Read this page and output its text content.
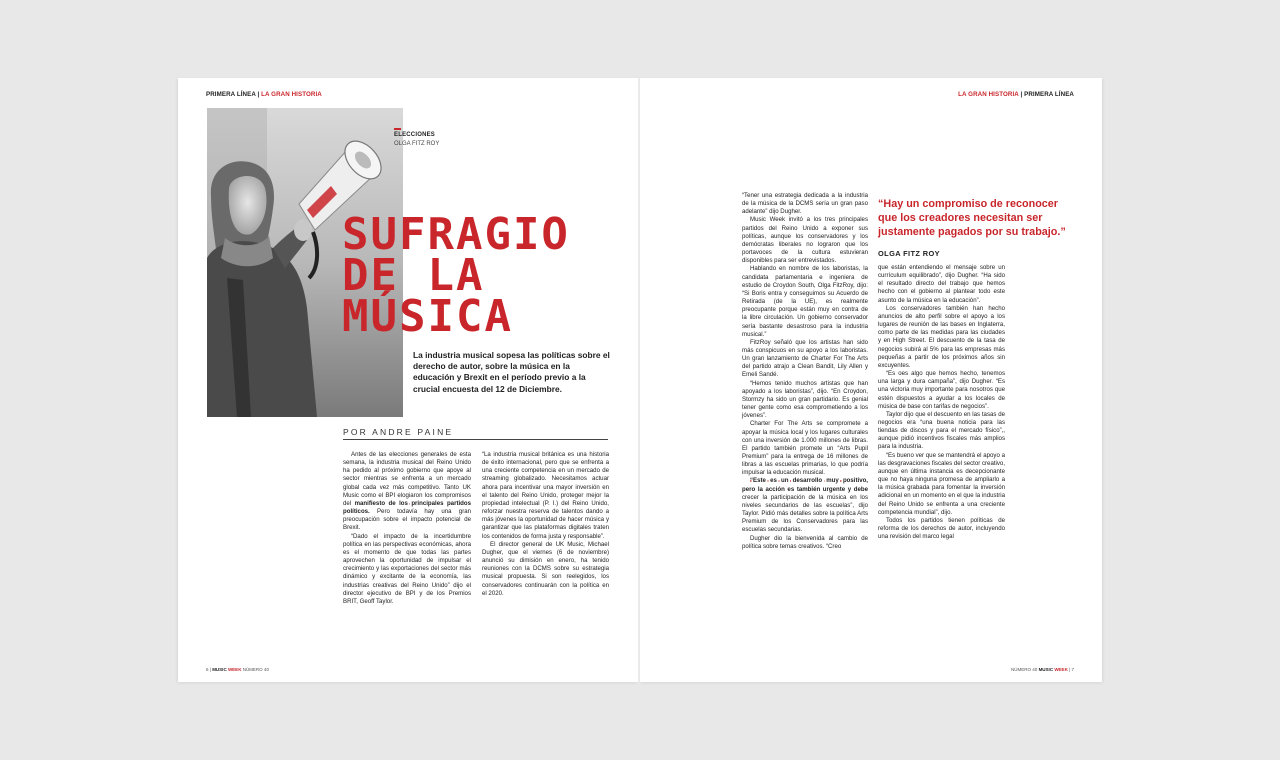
PRIMERA LÍNEA | LA GRAN HISTORIA
ELECCIONES
OLGA FITZ ROY
SUFRAGIO
DE LA
MÚSICA
La industria musical sopesa las políticas sobre el derecho de autor, sobre la música en la educación y Brexit en el período previo a la crucial encuesta del 12 de Diciembre.
POR ANDRE PAINE

Antes de las elecciones generales de esta semana, la industria musical del Reino Unido ha pedido al próximo gobierno que apoye al sector mientras se enfrenta a un mercado global cada vez más competitivo. Tanto UK Music como el BPI elogiaron los compromisos del manifiesto de los principales partidos políticos. Pero todavía hay una gran preocupación sobre el impacto potencial de Brexit.

“Dado el impacto de la incertidumbre política en las perspectivas económicas, ahora es el momento de que todas las partes aprovechen la oportunidad de impulsar el crecimiento y las exportaciones del sector más dinámico y excitante de la economía, las industrias creativas del Reino Unido” dijo el director ejecutivo de BPI y de los Premios BRIT, Geoff Taylor.

“La industria musical británica es una historia de éxito internacional, pero que se enfrenta a una creciente competencia en un mercado de streaming globalizado. Necesitamos actuar ahora para incentivar una mayor inversión en el talento del Reino Unido, proteger mejor la propiedad intelectual (P. I.) del Reino Unido, reforzar nuestra reserva de talentos dando a más jóvenes la oportunidad de hacer música y garantizar que las plataformas digitales traten los contenidos de forma justa y responsable”.

El director general de UK Music, Michael Dugher, que el viernes (6 de noviembre) anunció su dimisión en enero, ha tenido reuniones con la DCMS sobre su estrategia musical propuesta. Si son reelegidos, los conservadores continuarán con la política en el 2020.

6 | MUSIC WEEK NÚMERO 40
LA GRAN HISTORIA | PRIMERA LÍNEA

“Tener una estrategia dedicada a la industria de la música de la DCMS sería un gran paso adelante” dijo Dugher.

Music Week invitó a los tres principales partidos del Reino Unido a exponer sus políticas, aunque los conservadores y los demócratas liberales no lograron que los portavoces de la cultura estuvieran disponibles para ser entrevistados.

Hablando en nombre de los laboristas, la candidata parlamentaria e ingeniera de estudio de Croydon South, Olga FitzRoy, dijo: “Si Boris entra y conseguimos su Acuerdo de Retirada (de la UE), es realmente preocupante porque están muy en contra de la libre circulación. Un gobierno conservador sería bastante desastroso para la industria musical.”

FitzRoy señaló que los artistas han sido más conspicuos en su apoyo a los laboristas. Un gran lanzamiento de Charter For The Arts del partido atrajo a Clean Bandit, Lily Allen y Emeli Sandé.

“Hemos tenido muchos artistas que han apoyado a los laboristas”, dijo. “En Croydon, Stormzy ha sido un gran partidario. Es genial tener gente como esa comprometiendo a los jóvenes”.

Charter For The Arts se compromete a apoyar la música local y los lugares culturales con una inversión de 1.000 millones de libras. El partido también promete un “Arts Pupil Premium” para la entrega de 16 millones de libras a las escuelas primarias, lo que podría impulsar la educación musical.

“Este es un desarrollo muy positivo, pero la acción es también urgente y debe crecer la participación de la música en los niveles secundarios de las escuelas”, dijo Taylor. Pidió más detalles sobre la política Arts Premium de los Conservadores para las escuelas secundarias.

Dugher dio la bienvenida al cambio de política sobre temas creativos. “Creo

“Hay un compromiso de reconocer que los creadores necesitan ser justamente pagados por su trabajo.”
OLGA FITZ ROY

que están entendiendo el mensaje sobre un currículum equilibrado”, dijo Dugher. “Ha sido el resultado directo del trabajo que hemos hecho con el gobierno al plantear todo este asunto de la música en la educación”.

Los conservadores también han hecho anuncios de alto perfil sobre el apoyo a los lugares de reunión de las bases en Inglaterra, como parte de las medidas para las ciudades y en High Street. El descuento de la tasa de negocios subirá al 5% para las empresas más pequeñas a partir de los próximos años sin excuyentes.

“Es oes algo que hemos hecho, tenemos una larga y dura campaña”, dijo Dugher. “Es una victoria muy importante para nosotros que estén dispuestos a ayudar a los locales de música de base con tarifas de negocios”.

Taylor dijo que el descuento en las tasas de negocios era “una buena noticia para las tiendas de discos y para el mercado físico”,, aunque pidió incentivos fiscales más amplios para la industria.

“Es bueno ver que se mantendrá el apoyo a las desgravaciones fiscales del sector creativo, aunque en última instancia es decepcionante que no haya ninguna promesa de ampliarlo a la música grabada para fomentar la inversión adicional en un momento en el que la industria del Reino Unido se enfrenta a una creciente competencia mundial”, dijo.

Todos los partidos tienen políticas de reforma de los derechos de autor, incluyendo una revisión del marco legal

NÚMERO 40 MUSIC WEEK | 7
